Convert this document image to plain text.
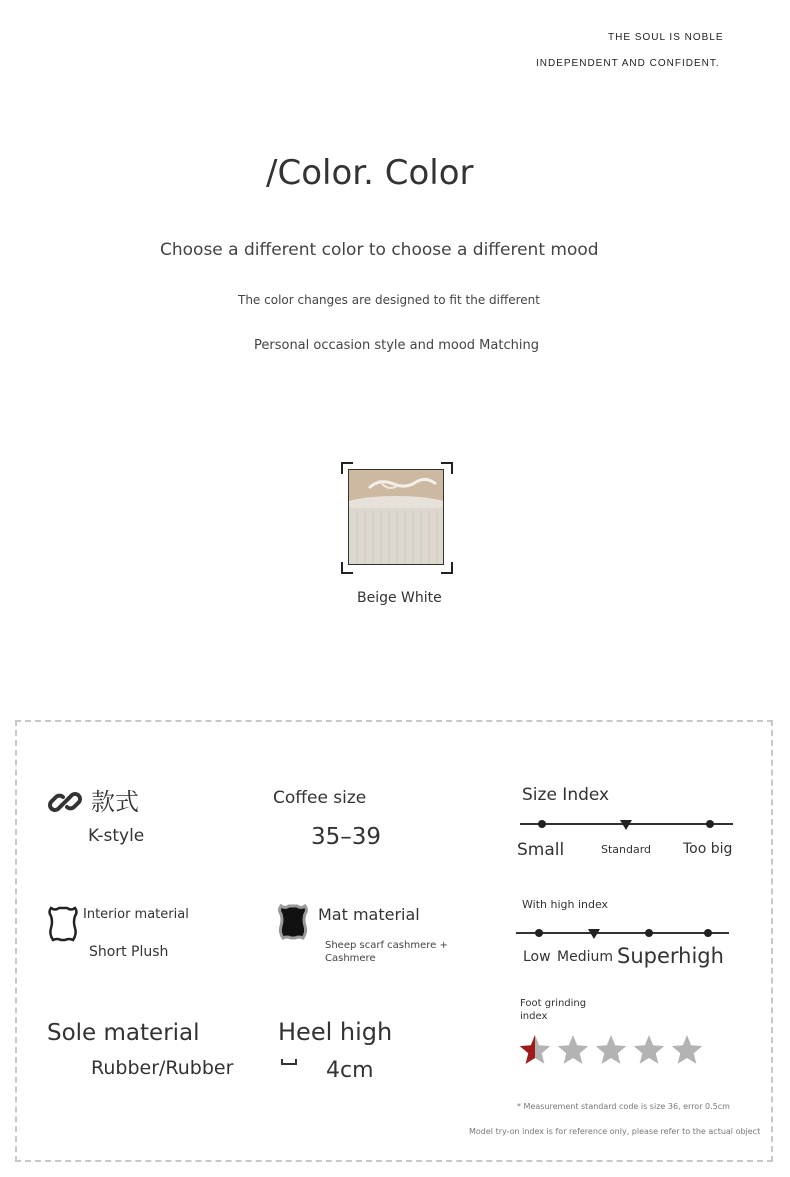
THE SOUL IS NOBLE
INDEPENDENT AND CONFIDENT.
/Color. Color
Choose a different color to choose a different mood
The color changes are designed to fit the different
Personal occasion style and mood Matching
Beige White
款式
K-style
Interior material
Short Plush
Sole material
Rubber/Rubber
Coffee size
35–39
Mat material
Sheep scarf cashmere + Cashmere
Heel high
4cm
Size Index
Small	Standard Too big
With high index
Low Medium Superhigh
Foot grinding
index
* Measurement standard code is size 36, error 0.5cm
Model try-on index is for reference only, please refer to the actual object
